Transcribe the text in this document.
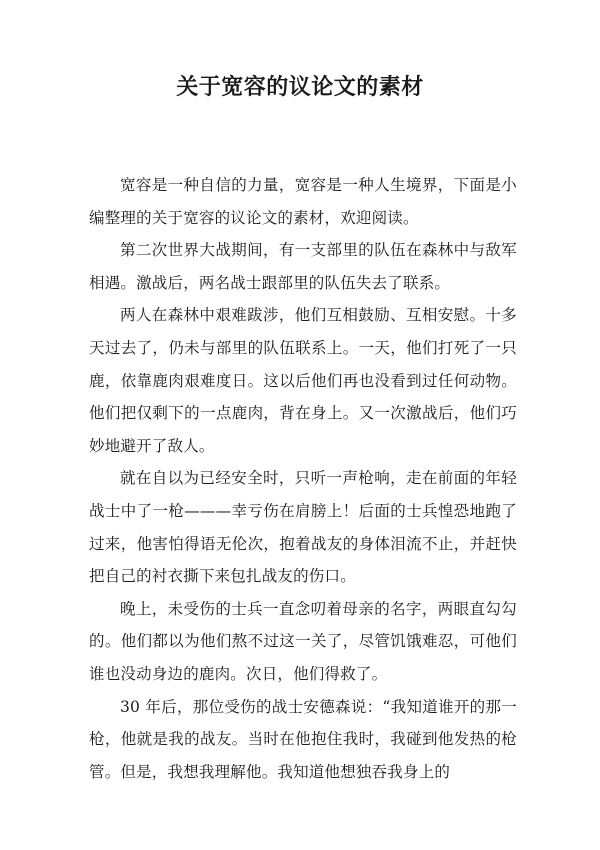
关于宽容的议论文的素材

宽容是一种自信的力量，宽容是一种人生境界，下面是小编整理的关于宽容的议论文的素材，欢迎阅读。

第二次世界大战期间，有一支部里的队伍在森林中与敌军相遇。激战后，两名战士跟部里的队伍失去了联系。

两人在森林中艰难跋涉，他们互相鼓励、互相安慰。十多天过去了，仍未与部里的队伍联系上。一天，他们打死了一只鹿，依靠鹿肉艰难度日。这以后他们再也没看到过任何动物。他们把仅剩下的一点鹿肉，背在身上。又一次激战后，他们巧妙地避开了敌人。

就在自以为已经安全时，只听一声枪响，走在前面的年轻战士中了一枪———幸亏伤在肩膀上！后面的士兵惶恐地跑了过来，他害怕得语无伦次，抱着战友的身体泪流不止，并赶快把自己的衬衣撕下来包扎战友的伤口。

晚上，未受伤的士兵一直念叨着母亲的名字，两眼直勾勾的。他们都以为他们熬不过这一关了，尽管饥饿难忍，可他们谁也没动身边的鹿肉。次日，他们得救了。

30 年后，那位受伤的战士安德森说：“我知道谁开的那一枪，他就是我的战友。当时在他抱住我时，我碰到他发热的枪管。但是，我想我理解他。我知道他想独吞我身上的
